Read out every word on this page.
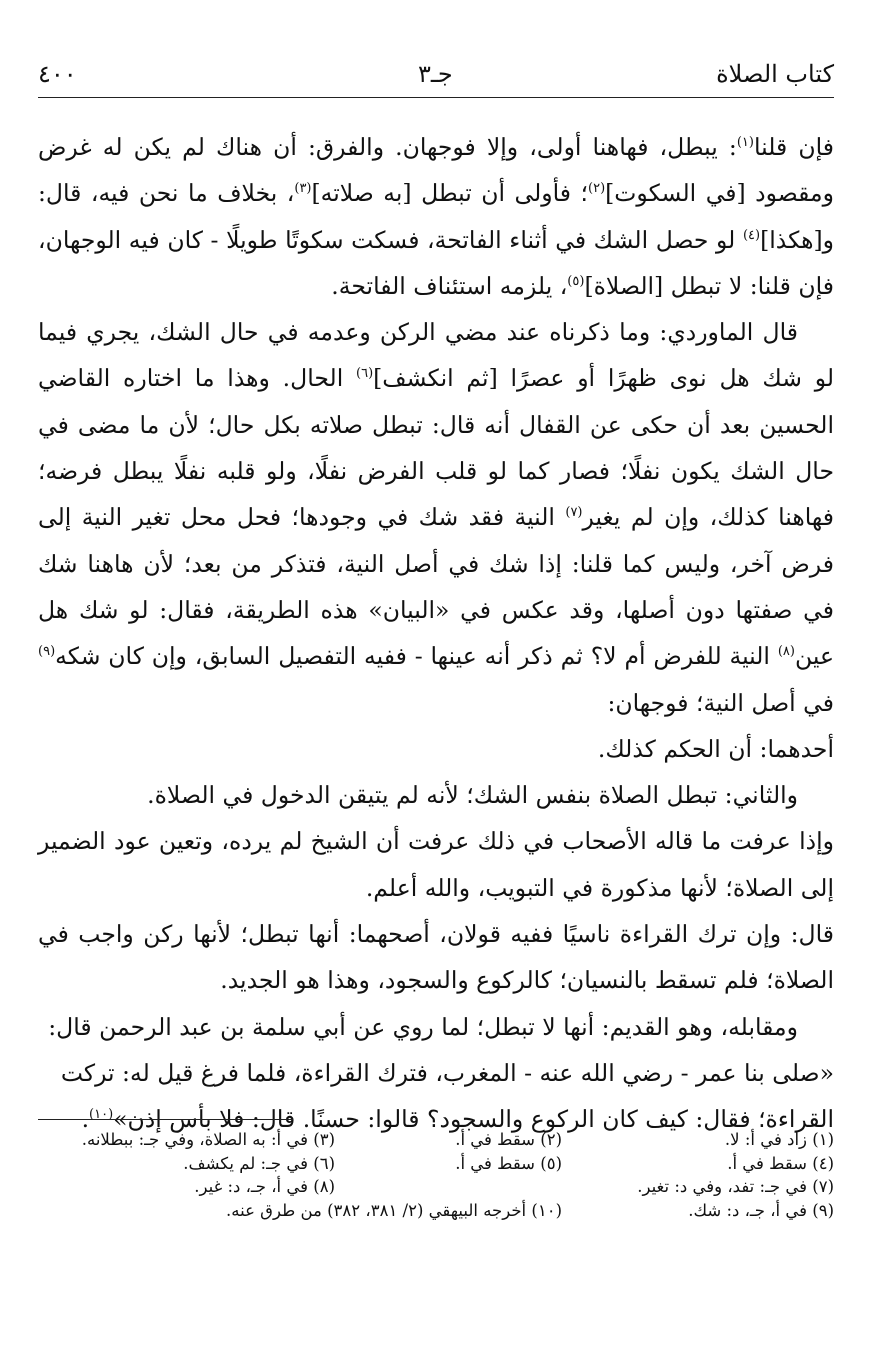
٤٠٠	جـ٣	كتاب الصلاة

فإن قلنا$^{(١)}$: يبطل، فهاهنا أولى، وإلا فوجهان. والفرق: أن هناك لم يكن له غرض ومقصود [في السكوت]$^{(٢)}$؛ فأولى أن تبطل [به صلاته]$^{(٣)}$، بخلاف ما نحن فيه، قال: و[هكذا]$^{(٤)}$ لو حصل الشك في أثناء الفاتحة، فسكت سكوتًا طويلًا - كان فيه الوجهان، فإن قلنا: لا تبطل [الصلاة]$^{(٥)}$، يلزمه استئناف الفاتحة.

قال الماوردي: وما ذكرناه عند مضي الركن وعدمه في حال الشك، يجري فيما لو شك هل نوى ظهرًا أو عصرًا [ثم انكشف]$^{(٦)}$ الحال. وهذا ما اختاره القاضي الحسين بعد أن حكى عن القفال أنه قال: تبطل صلاته بكل حال؛ لأن ما مضى في حال الشك يكون نفلًا؛ فصار كما لو قلب الفرض نفلًا، ولو قلبه نفلًا يبطل فرضه؛ فهاهنا كذلك، وإن لم يغير$^{(٧)}$ النية فقد شك في وجودها؛ فحل محل تغير النية إلى فرض آخر، وليس كما قلنا: إذا شك في أصل النية، فتذكر من بعد؛ لأن هاهنا شك في صفتها دون أصلها، وقد عكس في «البيان» هذه الطريقة، فقال: لو شك هل عين$^{(٨)}$ النية للفرض أم لا؟ ثم ذكر أنه عينها - ففيه التفصيل السابق، وإن كان شكه$^{(٩)}$ في أصل النية؛ فوجهان:

أحدهما: أن الحكم كذلك.

والثاني: تبطل الصلاة بنفس الشك؛ لأنه لم يتيقن الدخول في الصلاة.

وإذا عرفت ما قاله الأصحاب في ذلك عرفت أن الشيخ لم يرده، وتعين عود الضمير إلى الصلاة؛ لأنها مذكورة في التبويب، والله أعلم.

قال: وإن ترك القراءة ناسيًا ففيه قولان، أصحهما: أنها تبطل؛ لأنها ركن واجب في الصلاة؛ فلم تسقط بالنسيان؛ كالركوع والسجود، وهذا هو الجديد.

ومقابله، وهو القديم: أنها لا تبطل؛ لما روي عن أبي سلمة بن عبد الرحمن قال: «صلى بنا عمر - رضي الله عنه - المغرب، فترك القراءة، فلما فرغ قيل له: تركت القراءة؛ فقال: كيف كان الركوع والسجود؟ قالوا: حسنًا. قال: فلا بأس إذن»$^{(١٠)}$.

(١) زاد في أ: لا.
(٢) سقط في أ.
(٣) في أ: به الصلاة، وفي جـ: ببطلانه.
(٤) سقط في أ.
(٥) سقط في أ.
(٦) في جـ: لم يكشف.
(٧) في جـ: تفد، وفي د: تغير.
(٨) في أ، جـ، د: غير.
(٩) في أ، جـ، د: شك.
(١٠) أخرجه البيهقي (٢/ ٣٨١، ٣٨٢) من طرق عنه.
